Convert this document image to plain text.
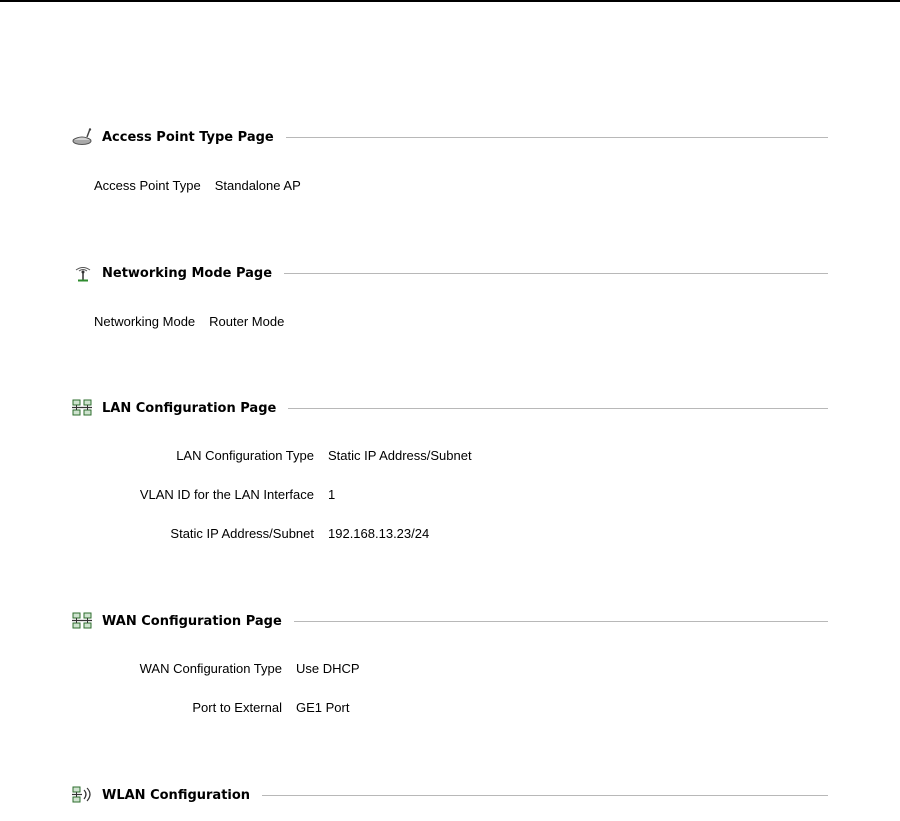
Access Point Type Page
Access Point Type Standalone AP
Networking Mode Page
Networking Mode Router Mode
LAN Configuration Page
LAN Configuration Type Static IP Address/Subnet
VLAN ID for the LAN Interface 1
Static IP Address/Subnet 192.168.13.23/24
WAN Configuration Page
WAN Configuration Type Use DHCP
Port to External GE1 Port
WLAN Configuration
